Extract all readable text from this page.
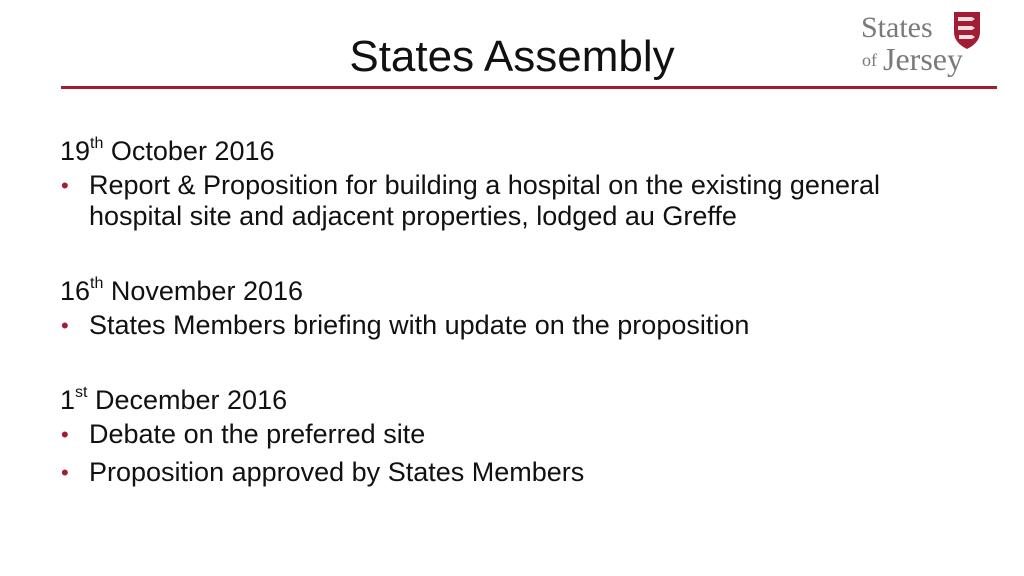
States Assembly
States
of Jersey

19th October 2016

• Report & Proposition for building a hospital on the existing general hospital site and adjacent properties, lodged au Greffe

16th November 2016

• States Members briefing with update on the proposition

1st December 2016

• Debate on the preferred site
• Proposition approved by States Members
